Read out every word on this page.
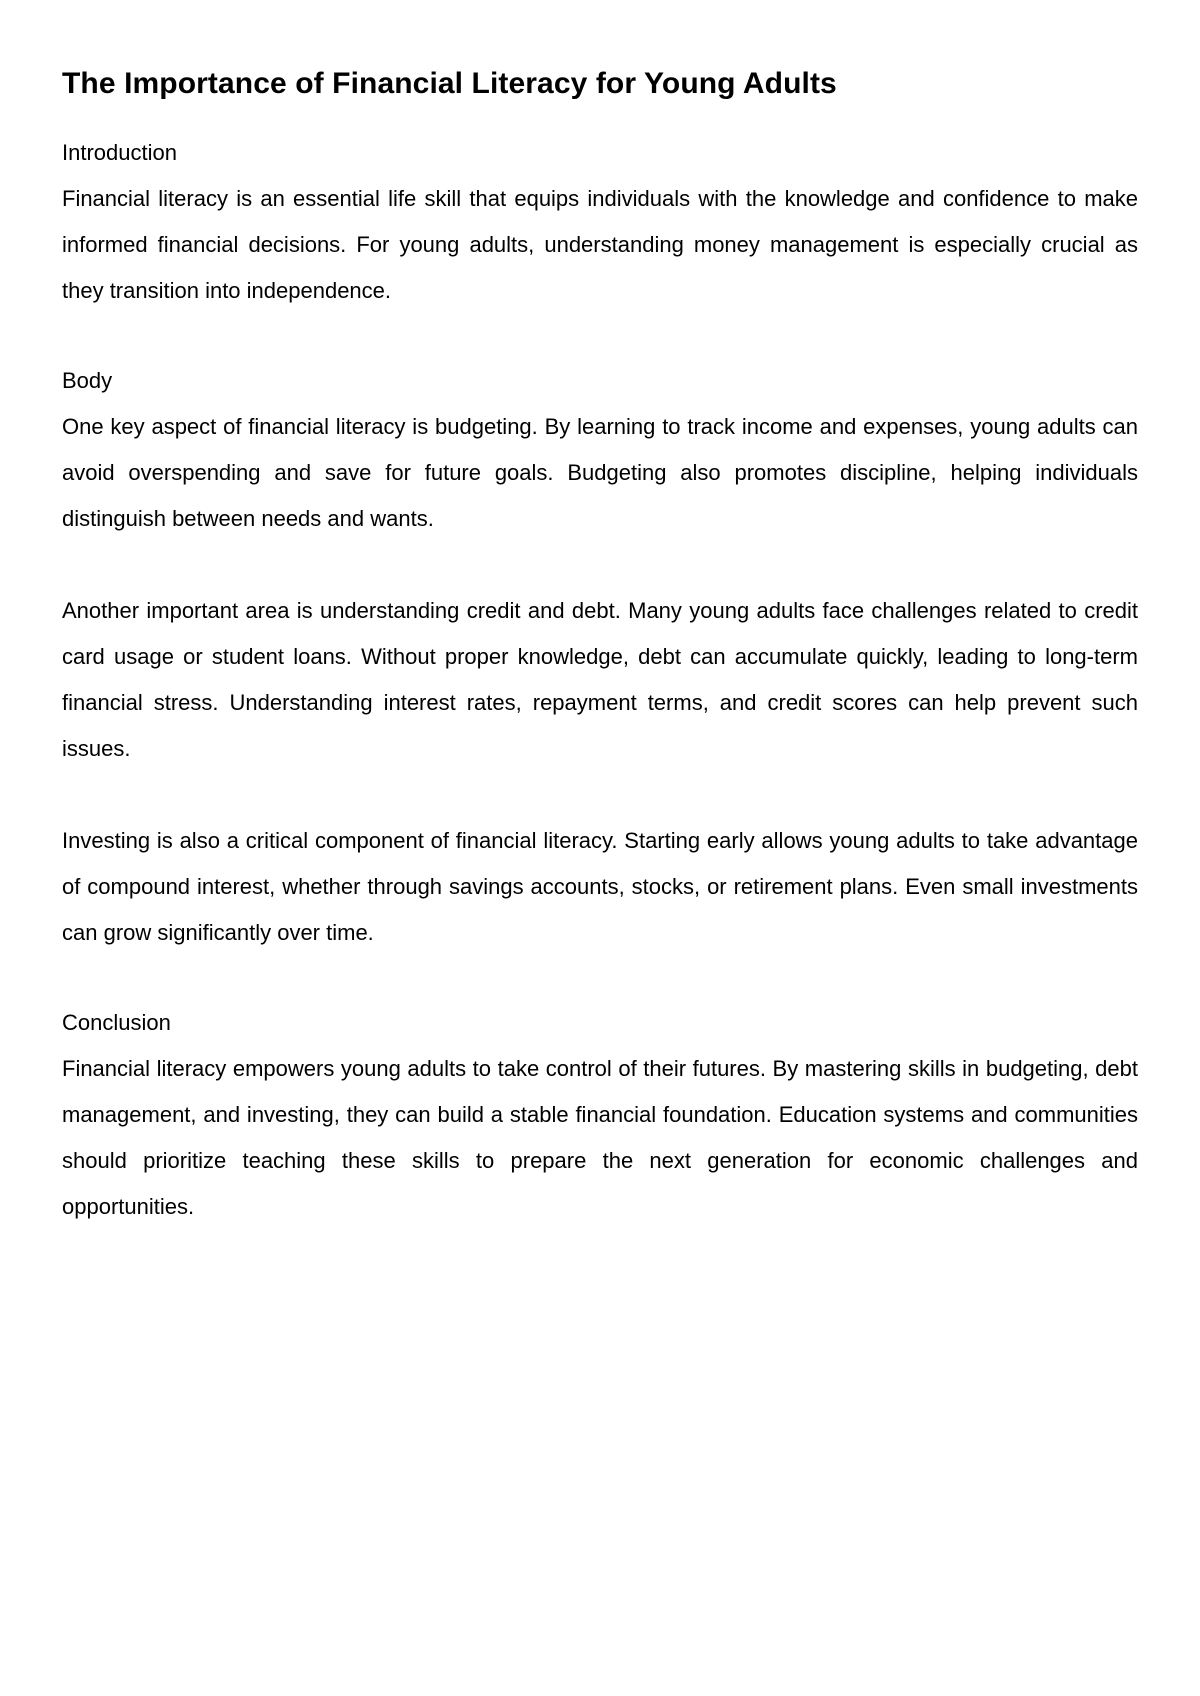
The Importance of Financial Literacy for Young Adults

Introduction

Financial literacy is an essential life skill that equips individuals with the knowledge and confidence to make informed financial decisions. For young adults, understanding money management is especially crucial as they transition into independence.

Body

One key aspect of financial literacy is budgeting. By learning to track income and expenses, young adults can avoid overspending and save for future goals. Budgeting also promotes discipline, helping individuals distinguish between needs and wants.

Another important area is understanding credit and debt. Many young adults face challenges related to credit card usage or student loans. Without proper knowledge, debt can accumulate quickly, leading to long-term financial stress. Understanding interest rates, repayment terms, and credit scores can help prevent such issues.

Investing is also a critical component of financial literacy. Starting early allows young adults to take advantage of compound interest, whether through savings accounts, stocks, or retirement plans. Even small investments can grow significantly over time.

Conclusion

Financial literacy empowers young adults to take control of their futures. By mastering skills in budgeting, debt management, and investing, they can build a stable financial foundation. Education systems and communities should prioritize teaching these skills to prepare the next generation for economic challenges and opportunities.
